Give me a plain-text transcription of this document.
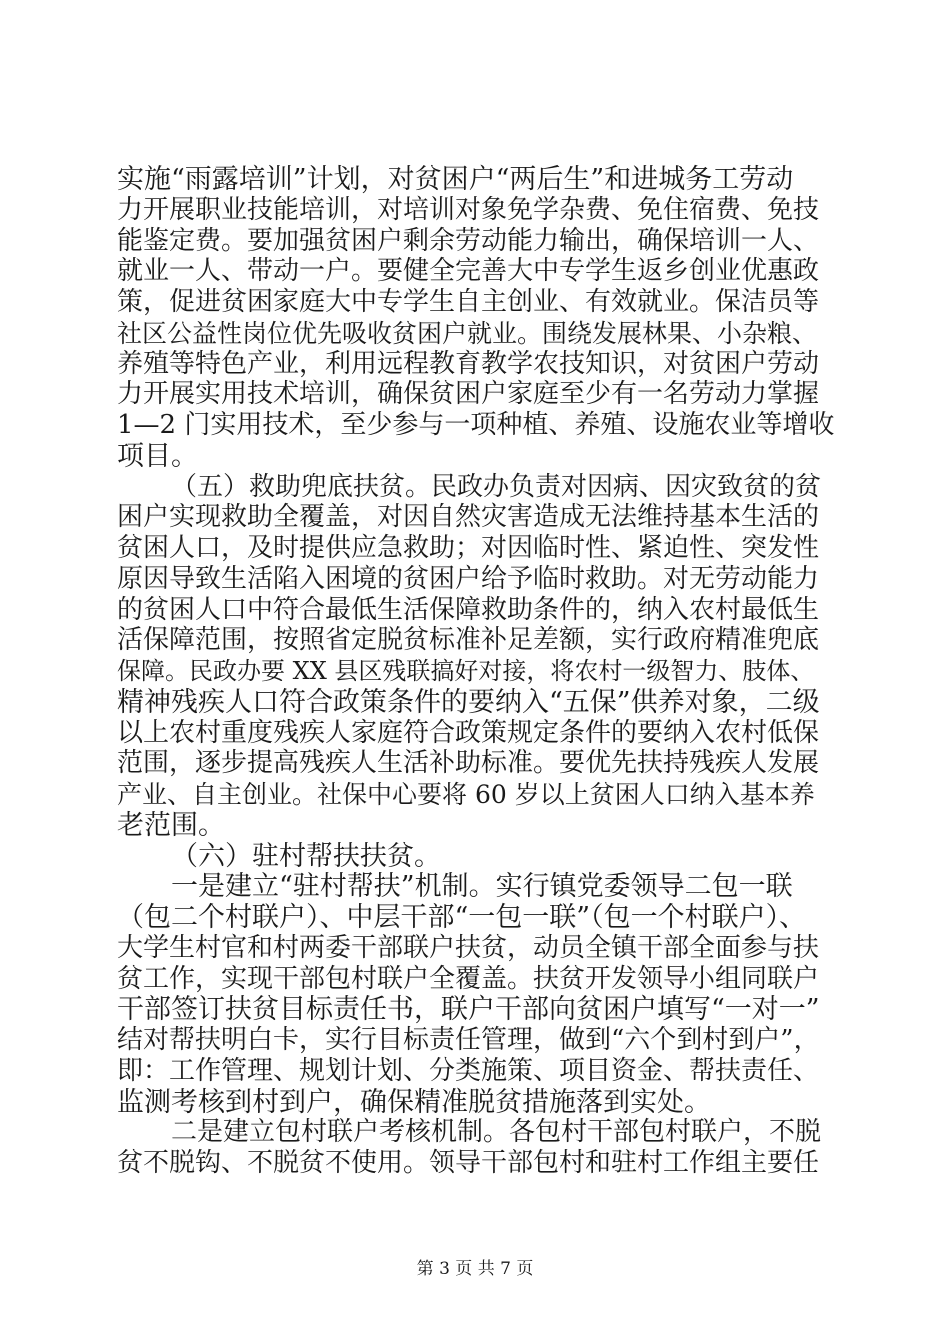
实施“雨露培训”计划，对贫困户“两后生”和进城务工劳动
力开展职业技能培训，对培训对象免学杂费、免住宿费、免技
能鉴定费。要加强贫困户剩余劳动能力输出，确保培训一人、
就业一人、带动一户。要健全完善大中专学生返乡创业优惠政
策，促进贫困家庭大中专学生自主创业、有效就业。保洁员等
社区公益性岗位优先吸收贫困户就业。围绕发展林果、小杂粮、
养殖等特色产业，利用远程教育教学农技知识，对贫困户劳动
力开展实用技术培训，确保贫困户家庭至少有一名劳动力掌握
1—2 门实用技术，至少参与一项种植、养殖、设施农业等增收
项目。
（五）救助兜底扶贫。民政办负责对因病、因灾致贫的贫
困户实现救助全覆盖，对因自然灾害造成无法维持基本生活的
贫困人口，及时提供应急救助；对因临时性、紧迫性、突发性
原因导致生活陷入困境的贫困户给予临时救助。对无劳动能力
的贫困人口中符合最低生活保障救助条件的，纳入农村最低生
活保障范围，按照省定脱贫标准补足差额，实行政府精准兜底
保障。民政办要 XX 县区残联搞好对接，将农村一级智力、肢体、
精神残疾人口符合政策条件的要纳入“五保”供养对象，二级
以上农村重度残疾人家庭符合政策规定条件的要纳入农村低保
范围，逐步提高残疾人生活补助标准。要优先扶持残疾人发展
产业、自主创业。社保中心要将 60 岁以上贫困人口纳入基本养
老范围。
（六）驻村帮扶扶贫。
一是建立“驻村帮扶”机制。实行镇党委领导二包一联
（包二个村联户）、中层干部“一包一联”（包一个村联户）、
大学生村官和村两委干部联户扶贫，动员全镇干部全面参与扶
贫工作，实现干部包村联户全覆盖。扶贫开发领导小组同联户
干部签订扶贫目标责任书，联户干部向贫困户填写“一对一”
结对帮扶明白卡，实行目标责任管理，做到“六个到村到户”，
即：工作管理、规划计划、分类施策、项目资金、帮扶责任、
监测考核到村到户，确保精准脱贫措施落到实处。
二是建立包村联户考核机制。各包村干部包村联户，不脱
贫不脱钩、不脱贫不使用。领导干部包村和驻村工作组主要任
第 3 页 共 7 页
